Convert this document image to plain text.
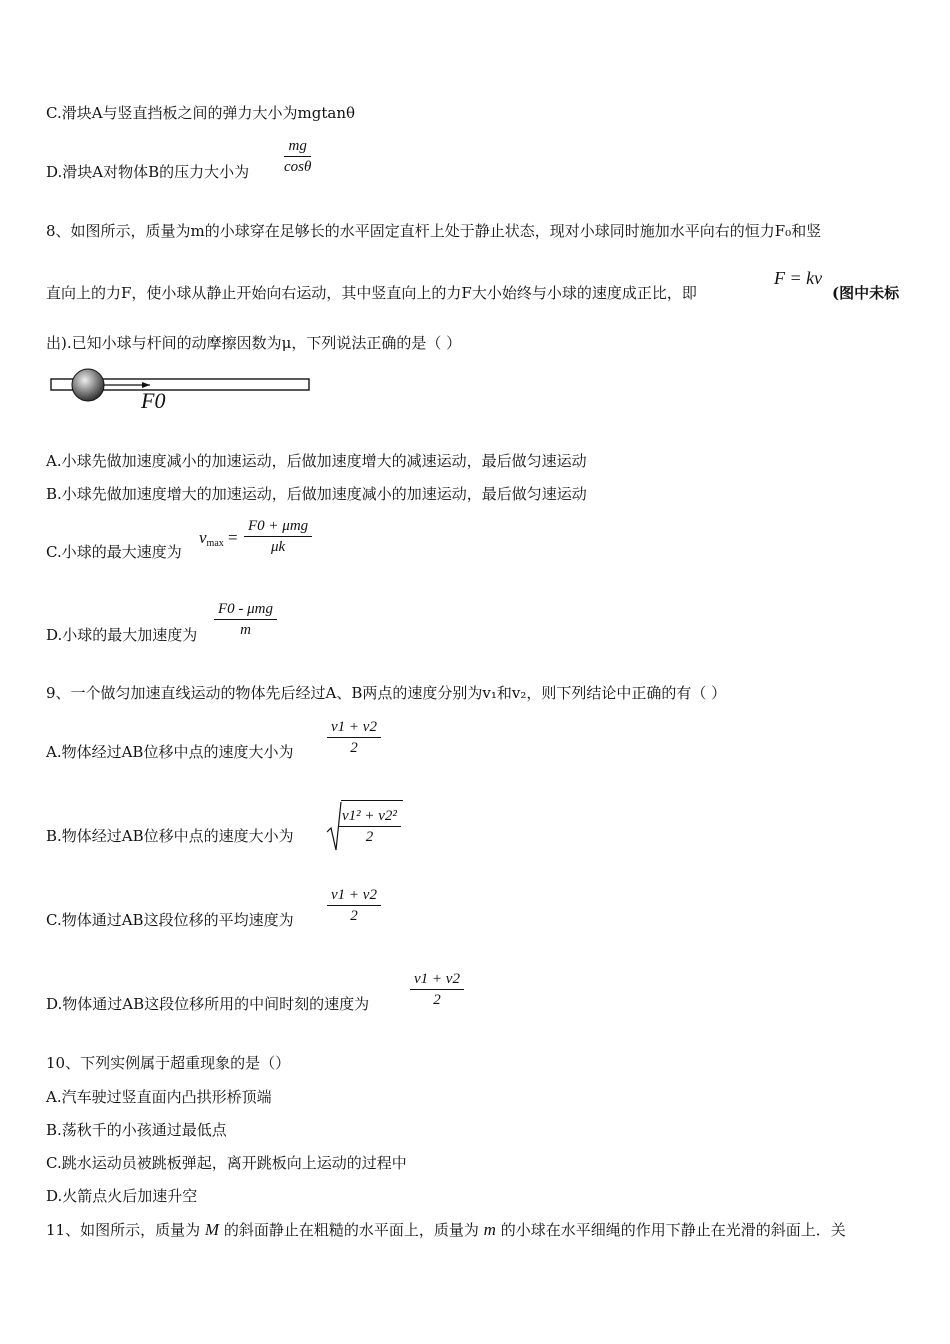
C.滑块A与竖直挡板之间的弹力大小为mgtanθ
D.滑块A对物体B的压力大小为 $\frac{mg}{\cos\theta}$
8、如图所示，质量为m的小球穿在足够长的水平固定直杆上处于静止状态，现对小球同时施加水平向右的恒力F₀和竖
直向上的力F，使小球从静止开始向右运动，其中竖直向上的力F大小始终与小球的速度成正比，即
F = kv
(图中未标
出).已知小球与杆间的动摩擦因数为μ，下列说法正确的是（ ）
F0
A.小球先做加速度减小的加速运动，后做加速度增大的减速运动，最后做匀速运动
B.小球先做加速度增大的加速运动，后做加速度减小的加速运动，最后做匀速运动
C.小球的最大速度为
$v_{max}$ =
F0 + μmg
μk
D.小球的最大加速度为
F0 - μmg
m
9、一个做匀加速直线运动的物体先后经过A、B两点的速度分别为v₁和v₂，则下列结论中正确的有（ ）
A.物体经过AB位移中点的速度大小为 $\frac{v1 + v2}{2}$
B.物体经过AB位移中点的速度大小为	$\frac{\text{v1² + v2²}}{2}$
C.物体通过AB这段位移的平均速度为 $\frac{v1 + v2}{2}$
D.物体通过AB这段位移所用的中间时刻的速度为	$\frac{v1 + v2}{2}$
10、下列实例属于超重现象的是（）
A.汽车驶过竖直面内凸拱形桥顶端
B.荡秋千的小孩通过最低点
C.跳水运动员被跳板弹起，离开跳板向上运动的过程中
D.火箭点火后加速升空
11、如图所示，质量为 M 的斜面静止在粗糙的水平面上，质量为 m 的小球在水平细绳的作用下静止在光滑的斜面上．关
